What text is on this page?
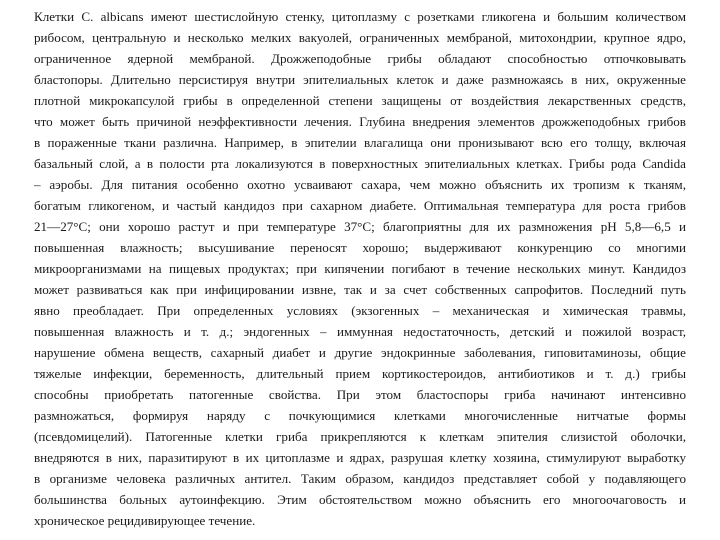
Клетки C. albicans имеют шестислойную стенку, цитоплазму с розетками гликогена и большим количеством
рибосом, центральную и несколько мелких вакуолей, ограниченных мембраной, митохондрии, крупное ядро,
ограниченное ядерной мембраной. Дрожжеподобные грибы обладают способностью отпочковывать
бластопоры. Длительно персистируя внутри эпителиальных клеток и даже размножаясь в них, окруженные
плотной микрокапсулой грибы в определенной степени защищены от воздействия лекарственных средств,
что может быть причиной неэффективности лечения. Глубина внедрения элементов дрожжеподобных грибов
в пораженные ткани различна. Например, в эпителии влагалища они пронизывают всю его толщу, включая
базальный слой, а в полости рта локализуются в поверхностных эпителиальных клетках. Грибы рода Candida
– аэробы. Для питания особенно охотно усваивают сахара, чем можно объяснить их тропизм к тканям,
богатым гликогеном, и частый кандидоз при сахарном диабете. Оптимальная температура для роста грибов
21—27°С; они хорошо растут и при температуре 37°С; благоприятны для их размножения pH 5,8—6,5 и
повышенная влажность; высушивание переносят хорошо; выдерживают конкуренцию со многими
микроорганизмами на пищевых продуктах; при кипячении погибают в течение нескольких минут. Кандидоз
может развиваться как при инфицировании извне, так и за счет собственных сапрофитов. Последний путь
явно преобладает. При определенных условиях (экзогенных – механическая и химическая травмы,
повышенная влажность и т. д.; эндогенных – иммунная недостаточность, детский и пожилой возраст,
нарушение обмена веществ, сахарный диабет и другие эндокринные заболевания, гиповитаминозы, общие
тяжелые инфекции, беременность, длительный прием кортикостероидов, антибиотиков и т. д.) грибы
способны приобретать патогенные свойства. При этом бластоспоры гриба начинают интенсивно
размножаться, формируя наряду с почкующимися клетками многочисленные нитчатые формы
(псевдомицелий). Патогенные клетки гриба прикрепляются к клеткам эпителия слизистой оболочки,
внедряются в них, паразитируют в их цитоплазме и ядрах, разрушая клетку хозяина, стимулируют выработку
в организме человека различных антител. Таким образом, кандидоз представляет собой у подавляющего
большинства больных аутоинфекцию. Этим обстоятельством можно объяснить его многоочаговость и
хроническое рецидивирующее течение.
